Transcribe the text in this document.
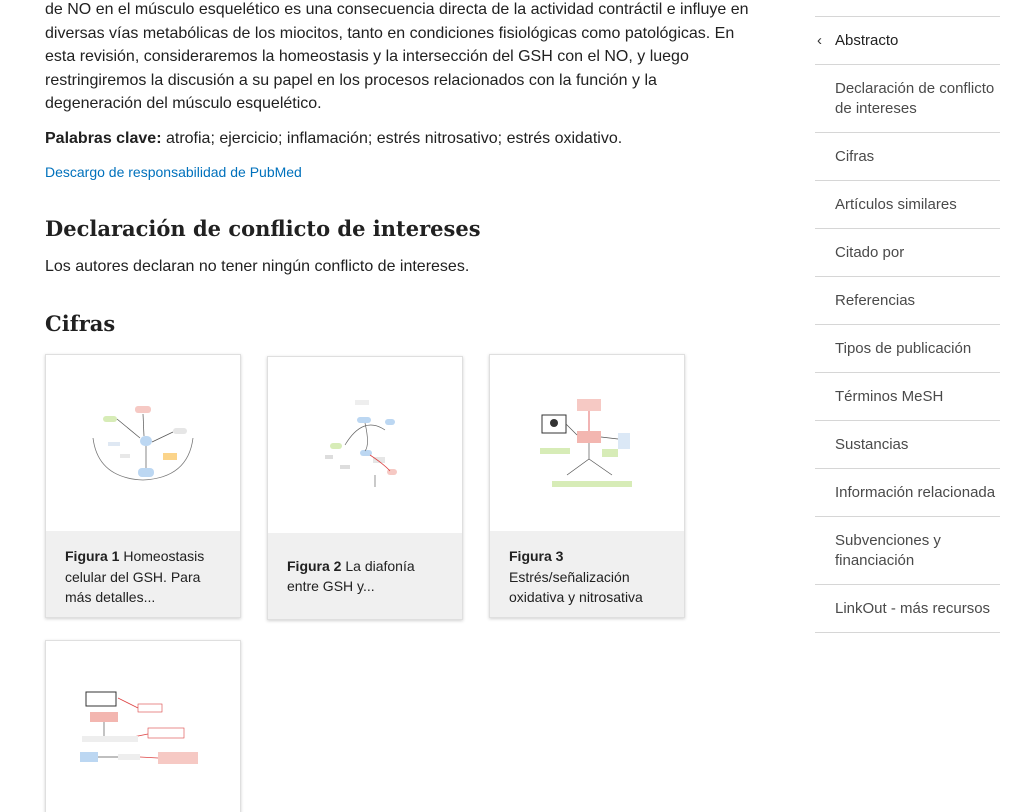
de NO en el músculo esquelético es una consecuencia directa de la actividad contráctil e influye en
diversas vías metabólicas de los miocitos, tanto en condiciones fisiológicas como patológicas. En
esta revisión, consideraremos la homeostasis y la intersección del GSH con el NO, y luego
restringiremos la discusión a su papel en los procesos relacionados con la función y la
degeneración del músculo esquelético.

Palabras clave: atrofia; ejercicio; inflamación; estrés nitrosativo; estrés oxidativo.

Descargo de responsabilidad de PubMed
Declaración de conflicto de intereses

Los autores declaran no tener ningún conflicto de intereses.

Cifras
Figura 1 Homeostasis celular del GSH. Para más detalles...
Figura 2 La diafonía entre GSH y...
Figura 3
Estrés/señalización oxidativa y nitrosativa
‹ Abstracto
Declaración de conflicto de intereses
Cifras
Artículos similares
Citado por
Referencias
Tipos de publicación
Términos MeSH
Sustancias
Información relacionada
Subvenciones y financiación
LinkOut - más recursos
